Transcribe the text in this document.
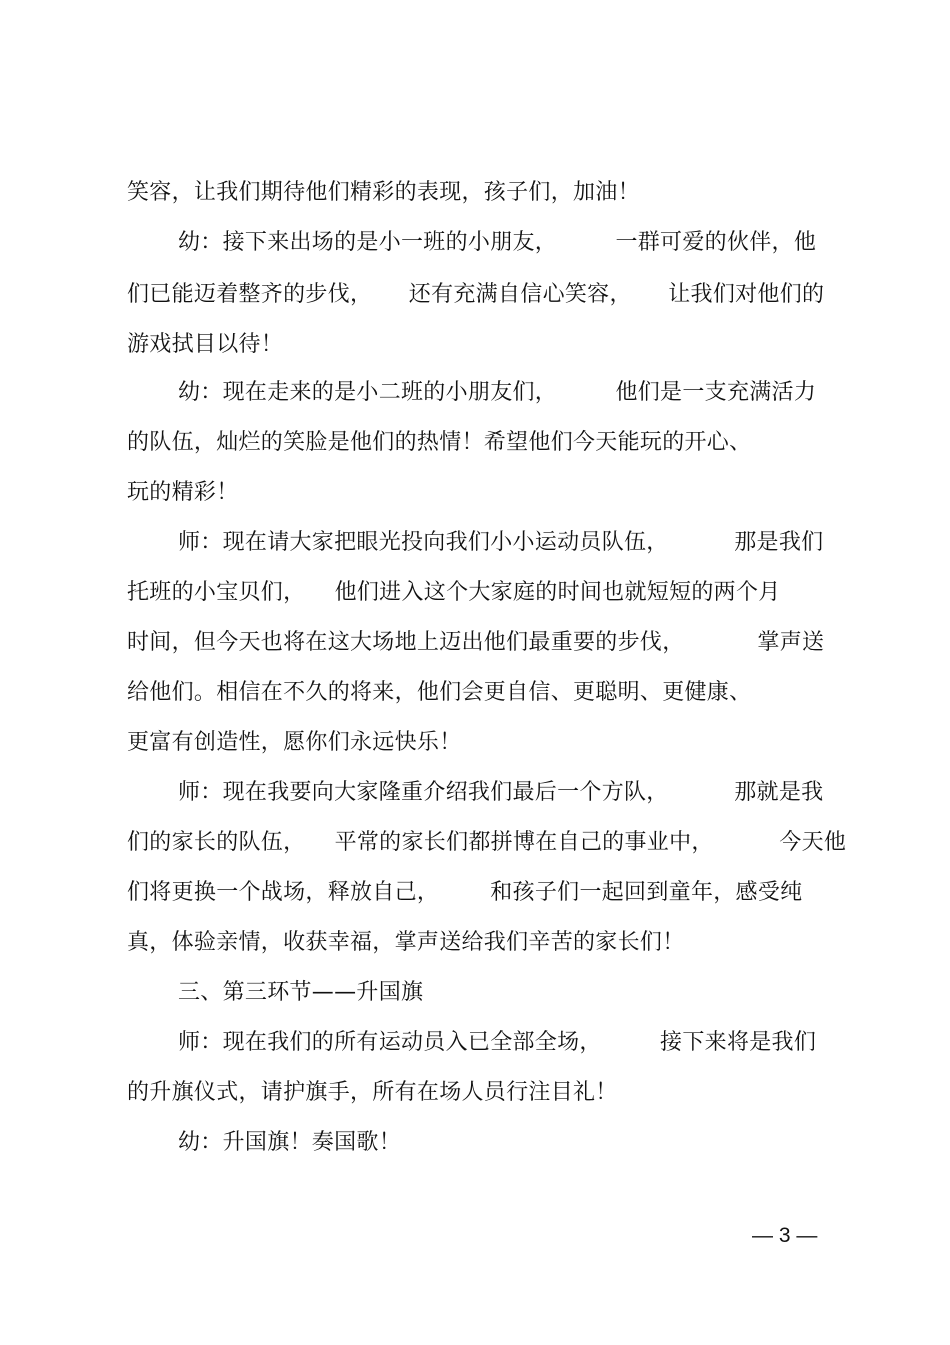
笑容，让我们期待他们精彩的表现，孩子们，加油！
幼：接下来出场的是小一班的小朋友，        一群可爱的伙伴，他
们已能迈着整齐的步伐，     还有充满自信心笑容，     让我们对他们的
游戏拭目以待！
幼：现在走来的是小二班的小朋友们，        他们是一支充满活力
的队伍，灿烂的笑脸是他们的热情！希望他们今天能玩的开心、
玩的精彩！
师：现在请大家把眼光投向我们小小运动员队伍，         那是我们
托班的小宝贝们，    他们进入这个大家庭的时间也就短短的两个月
时间，但今天也将在这大场地上迈出他们最重要的步伐，          掌声送
给他们。相信在不久的将来，他们会更自信、更聪明、更健康、
更富有创造性，愿你们永远快乐！
师：现在我要向大家隆重介绍我们最后一个方队，         那就是我
们的家长的队伍，    平常的家长们都拼博在自己的事业中，         今天他
们将更换一个战场，释放自己，       和孩子们一起回到童年，感受纯
真，体验亲情，收获幸福，掌声送给我们辛苦的家长们！
三、第三环节——升国旗
师：现在我们的所有运动员入已全部全场，        接下来将是我们
的升旗仪式，请护旗手，所有在场人员行注目礼！
幼：升国旗！奏国歌！
— 3 —
